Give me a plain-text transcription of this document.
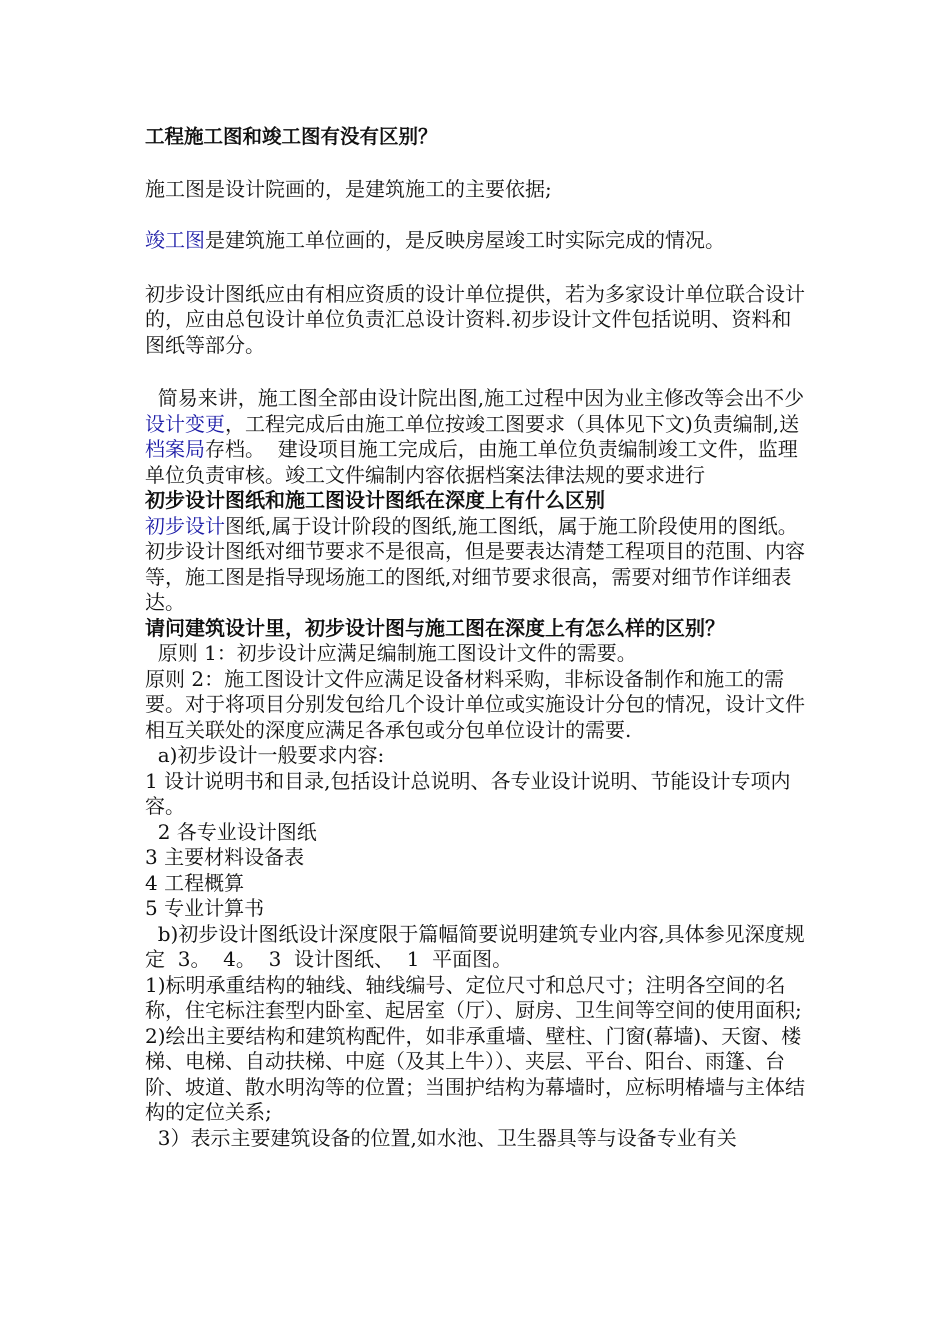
工程施工图和竣工图有没有区别？

施工图是设计院画的，是建筑施工的主要依据;

竣工图是建筑施工单位画的，是反映房屋竣工时实际完成的情况。

初步设计图纸应由有相应资质的设计单位提供，若为多家设计单位联合设计的，应由总包设计单位负责汇总设计资料.初步设计文件包括说明、资料和图纸等部分。

简易来讲，施工图全部由设计院出图,施工过程中因为业主修改等会出不少设计变更，工程完成后由施工单位按竣工图要求（具体见下文)负责编制,送档案局存档。  建设项目施工完成后，由施工单位负责编制竣工文件，监理单位负责审核。竣工文件编制内容依据档案法律法规的要求进行

初步设计图纸和施工图设计图纸在深度上有什么区别

初步设计图纸,属于设计阶段的图纸,施工图纸，属于施工阶段使用的图纸。初步设计图纸对细节要求不是很高，但是要表达清楚工程项目的范围、内容等，施工图是指导现场施工的图纸,对细节要求很高，需要对细节作详细表达。

请问建筑设计里，初步设计图与施工图在深度上有怎么样的区别？

原则 1：初步设计应满足编制施工图设计文件的需要。

原则 2：施工图设计文件应满足设备材料采购，非标设备制作和施工的需要。对于将项目分别发包给几个设计单位或实施设计分包的情况，设计文件相互关联处的深度应满足各承包或分包单位设计的需要.

a)初步设计一般要求内容:

1 设计说明书和目录,包括设计总说明、各专业设计说明、节能设计专项内容。

2 各专业设计图纸

3 主要材料设备表

4 工程概算

5 专业计算书

b)初步设计图纸设计深度限于篇幅简要说明建筑专业内容,具体参见深度规定  3。  4。  3  设计图纸、  1  平面图。

1)标明承重结构的轴线、轴线编号、定位尺寸和总尺寸；注明各空间的名称，住宅标注套型内卧室、起居室（厅）、厨房、卫生间等空间的使用面积;

2)绘出主要结构和建筑构配件，如非承重墙、壁柱、门窗(幕墙)、天窗、楼梯、电梯、自动扶梯、中庭（及其上牛））、夹层、平台、阳台、雨篷、台  阶、坡道、散水明沟等的位置；当围护结构为幕墙时，应标明椿墙与主体结构的定位关系;

3）表示主要建筑设备的位置,如水池、卫生器具等与设备专业有关
